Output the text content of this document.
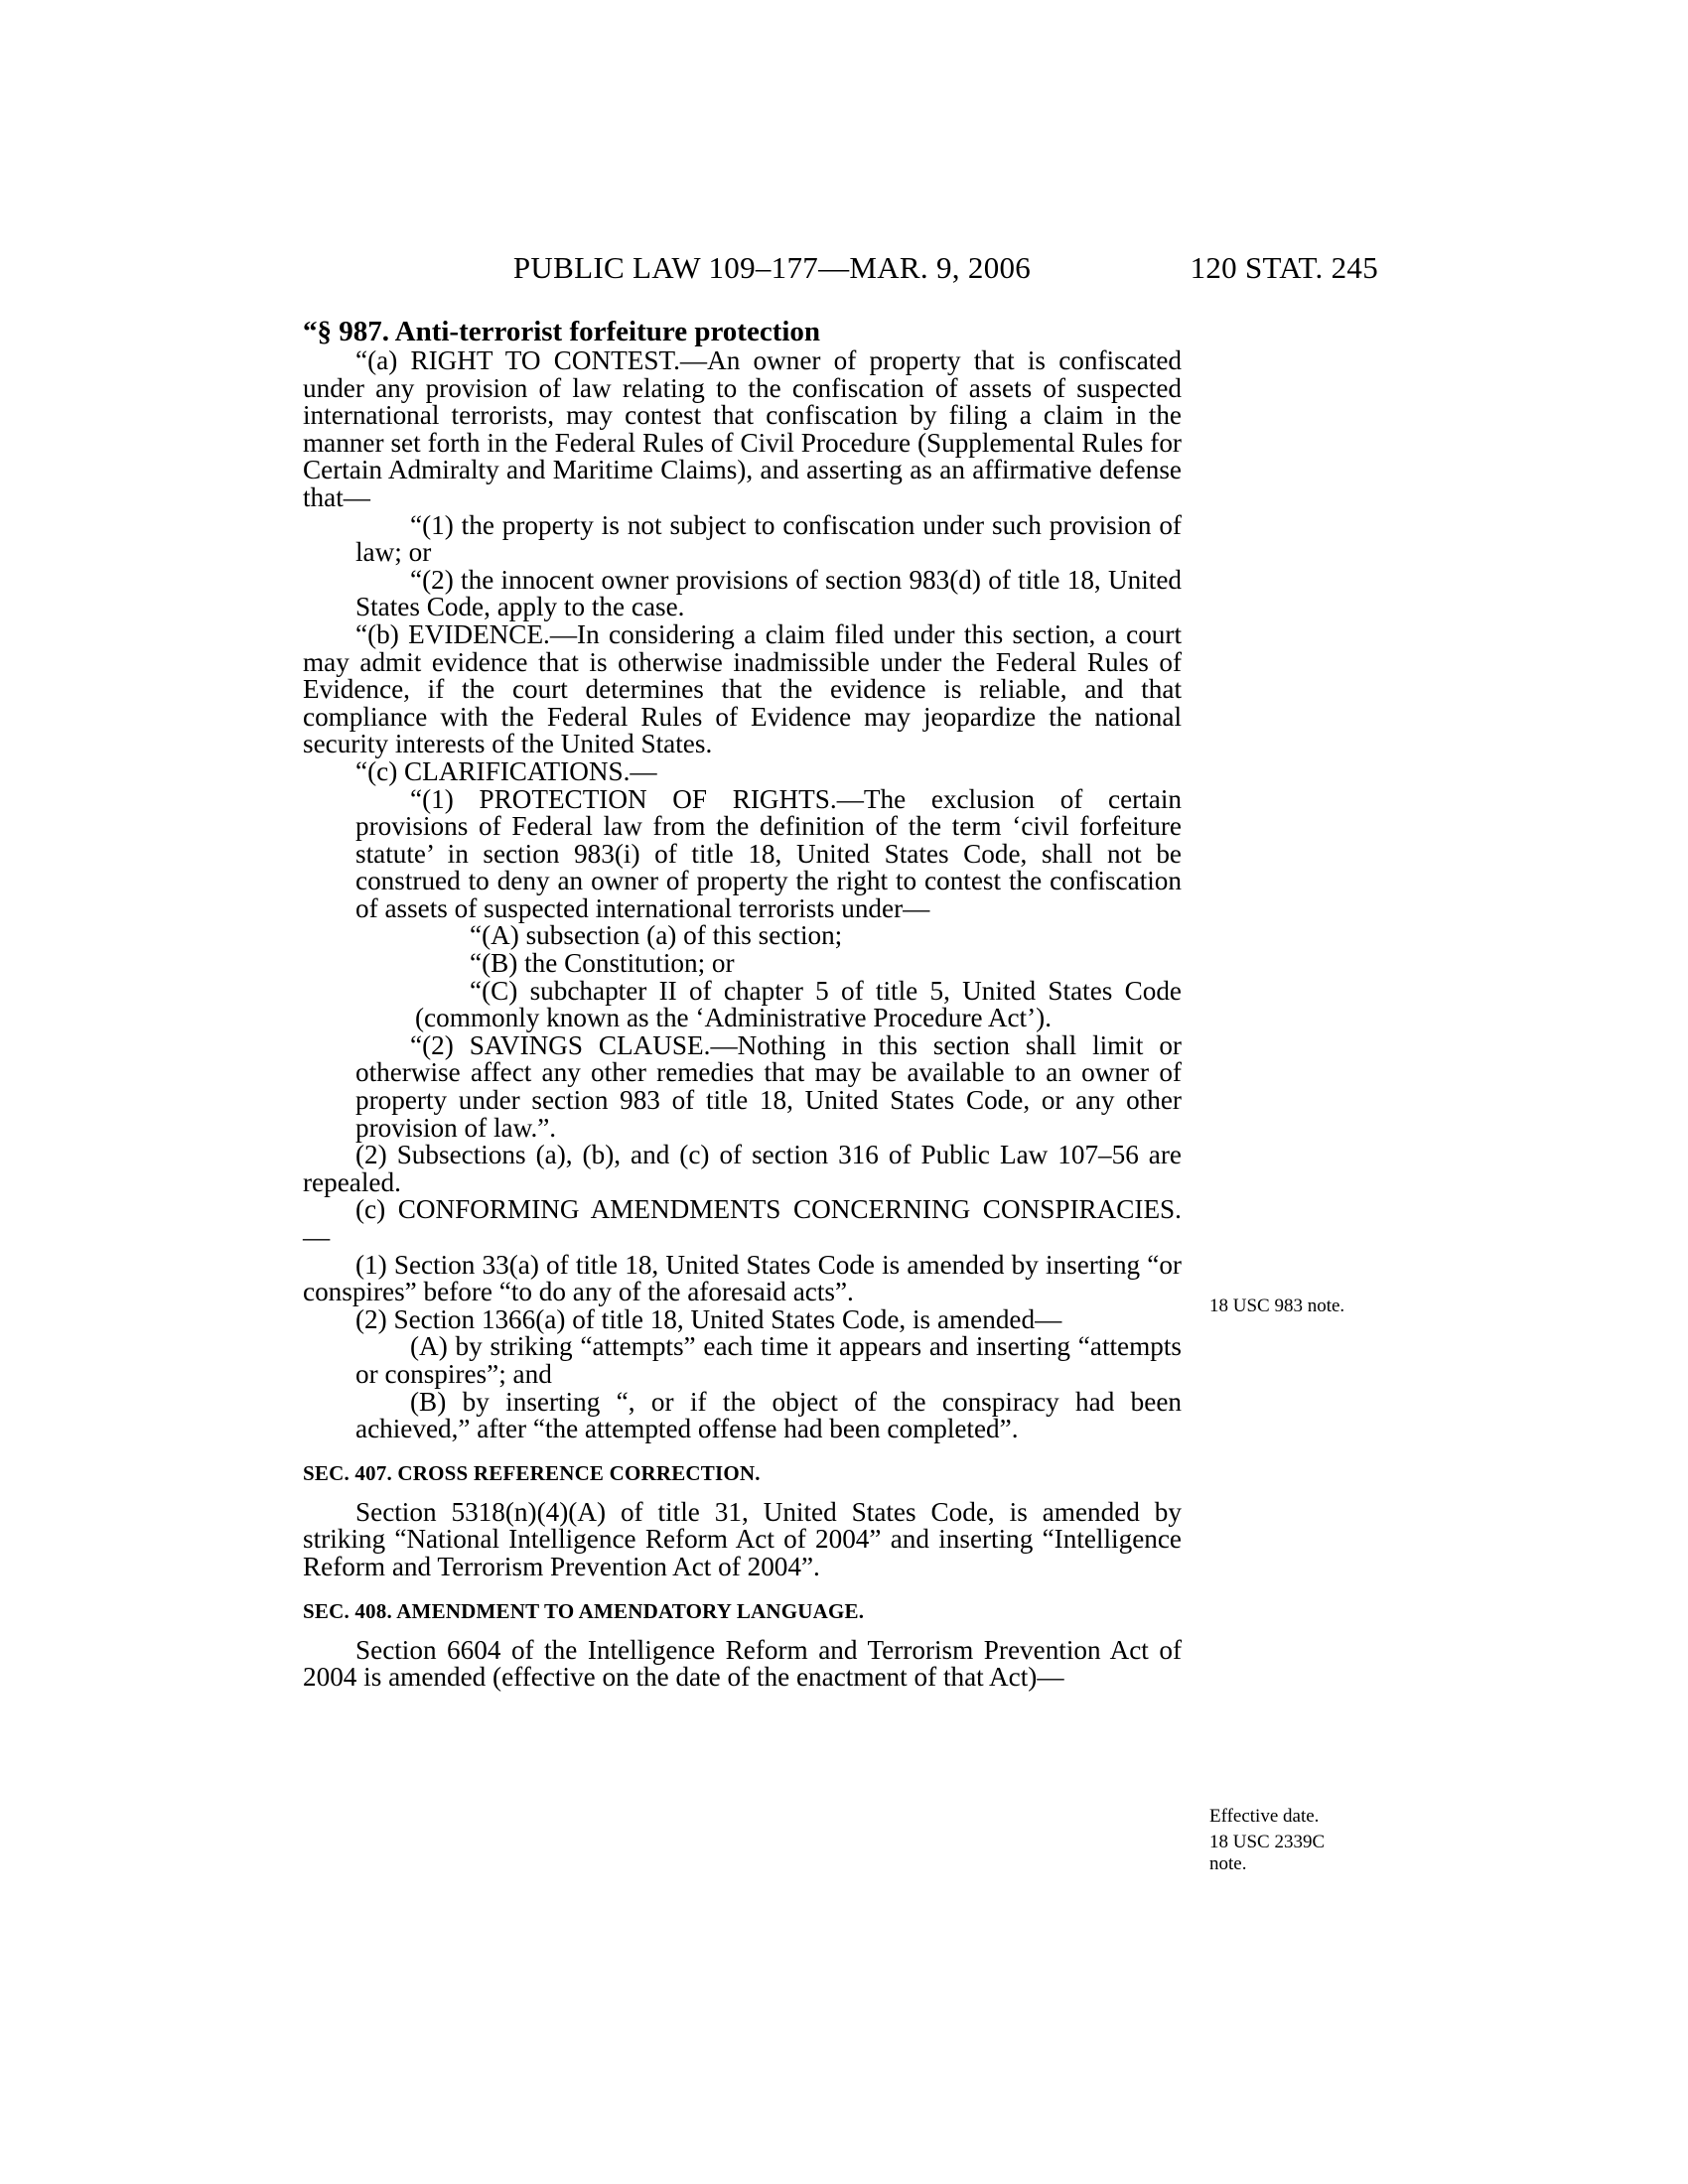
PUBLIC LAW 109–177—MAR. 9, 2006	120 STAT. 245

“§ 987. Anti-terrorist forfeiture protection

“(a) RIGHT TO CONTEST.—An owner of property that is confiscated under any provision of law relating to the confiscation of assets of suspected international terrorists, may contest that confiscation by filing a claim in the manner set forth in the Federal Rules of Civil Procedure (Supplemental Rules for Certain Admiralty and Maritime Claims), and asserting as an affirmative defense that—

“(1) the property is not subject to confiscation under such provision of law; or

“(2) the innocent owner provisions of section 983(d) of title 18, United States Code, apply to the case.

“(b) EVIDENCE.—In considering a claim filed under this section, a court may admit evidence that is otherwise inadmissible under the Federal Rules of Evidence, if the court determines that the evidence is reliable, and that compliance with the Federal Rules of Evidence may jeopardize the national security interests of the United States.

“(c) CLARIFICATIONS.—

“(1) PROTECTION OF RIGHTS.—The exclusion of certain provisions of Federal law from the definition of the term ‘civil forfeiture statute’ in section 983(i) of title 18, United States Code, shall not be construed to deny an owner of property the right to contest the confiscation of assets of suspected international terrorists under—

“(A) subsection (a) of this section;

“(B) the Constitution; or

“(C) subchapter II of chapter 5 of title 5, United States Code (commonly known as the ‘Administrative Procedure Act’).

“(2) SAVINGS CLAUSE.—Nothing in this section shall limit or otherwise affect any other remedies that may be available to an owner of property under section 983 of title 18, United States Code, or any other provision of law.”.

(2) Subsections (a), (b), and (c) of section 316 of Public Law 107–56 are repealed.

(c) CONFORMING AMENDMENTS CONCERNING CONSPIRACIES.—

(1) Section 33(a) of title 18, United States Code is amended by inserting “or conspires” before “to do any of the aforesaid acts”.

(2) Section 1366(a) of title 18, United States Code, is amended—

(A) by striking “attempts” each time it appears and inserting “attempts or conspires”; and

(B) by inserting “, or if the object of the conspiracy had been achieved,” after “the attempted offense had been completed”.

SEC. 407. CROSS REFERENCE CORRECTION.

Section 5318(n)(4)(A) of title 31, United States Code, is amended by striking “National Intelligence Reform Act of 2004” and inserting “Intelligence Reform and Terrorism Prevention Act of 2004”.

SEC. 408. AMENDMENT TO AMENDATORY LANGUAGE.

Section 6604 of the Intelligence Reform and Terrorism Prevention Act of 2004 is amended (effective on the date of the enactment of that Act)—

18 USC 983 note.
Effective date.
18 USC 2339C
note.
